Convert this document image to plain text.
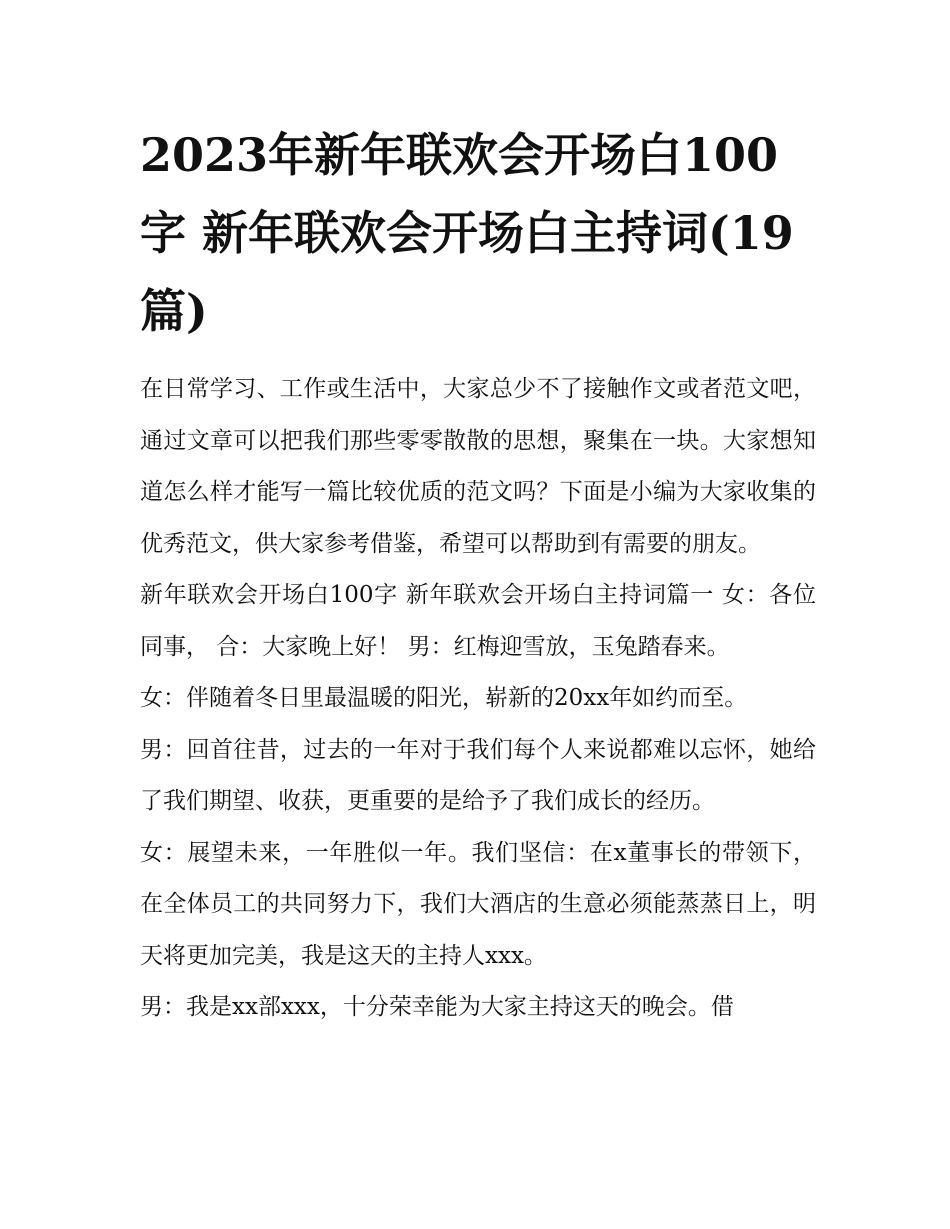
2023年新年联欢会开场白100字 新年联欢会开场白主持词(19篇)

在日常学习、工作或生活中，大家总少不了接触作文或者范文吧，通过文章可以把我们那些零零散散的思想，聚集在一块。大家想知道怎么样才能写一篇比较优质的范文吗？下面是小编为大家收集的优秀范文，供大家参考借鉴，希望可以帮助到有需要的朋友。

新年联欢会开场白100字 新年联欢会开场白主持词篇一 女：各位同事， 合：大家晚上好！ 男：红梅迎雪放，玉兔踏春来。

女：伴随着冬日里最温暖的阳光，崭新的20xx年如约而至。

男：回首往昔，过去的一年对于我们每个人来说都难以忘怀，她给了我们期望、收获，更重要的是给予了我们成长的经历。

女：展望未来，一年胜似一年。我们坚信：在x董事长的带领下，在全体员工的共同努力下，我们大酒店的生意必须能蒸蒸日上，明天将更加完美，我是这天的主持人xxx。

男：我是xx部xxx，十分荣幸能为大家主持这天的晚会。借
